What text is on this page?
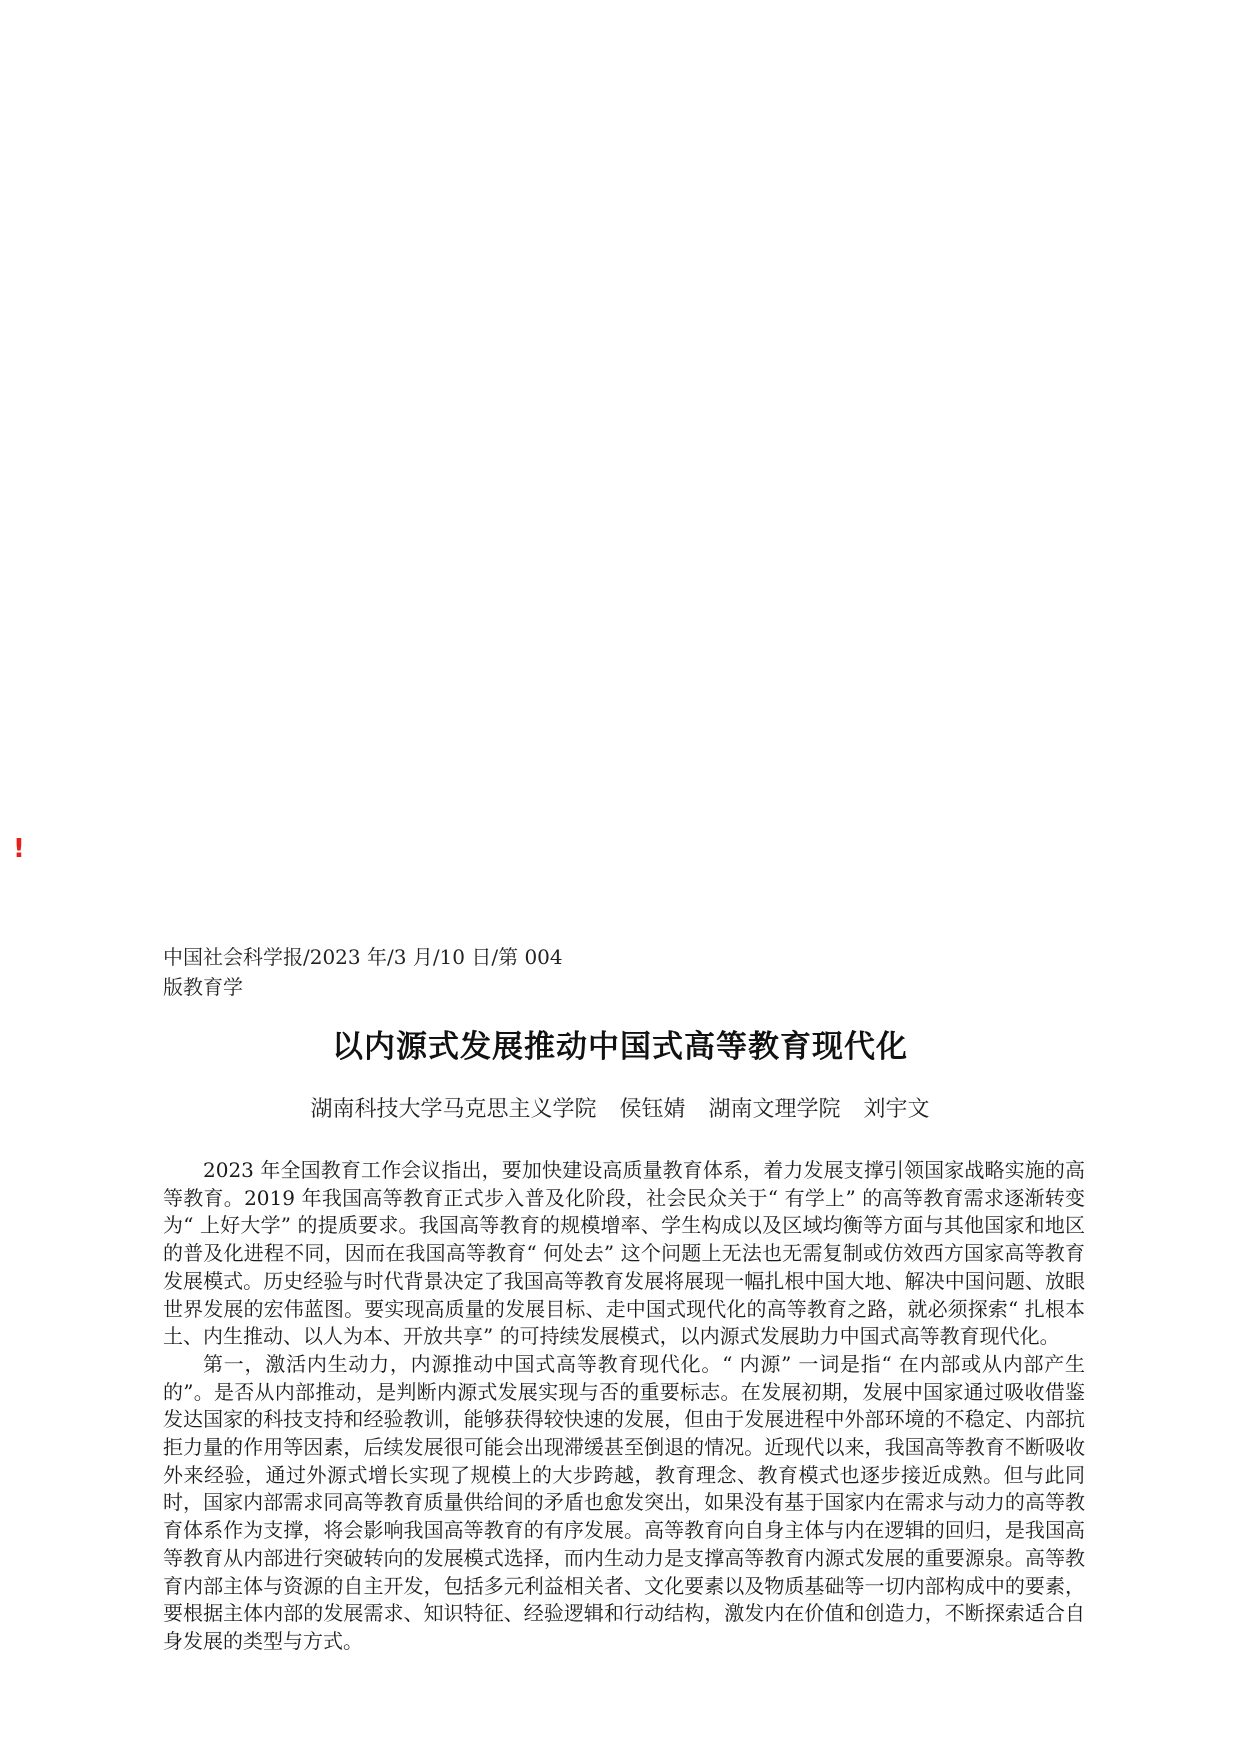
!
中国社会科学报/2023 年/3 月/10 日/第 004
版教育学
以内源式发展推动中国式高等教育现代化
湖南科技大学马克思主义学院 侯钰婧 湖南文理学院 刘宇文

2023 年全国教育工作会议指出，要加快建设高质量教育体系，着力发展支撑引领国家战略实施的高等教育。2019 年我国高等教育正式步入普及化阶段，社会民众关于“ 有学上” 的高等教育需求逐渐转变为“ 上好大学” 的提质要求。我国高等教育的规模增率、学生构成以及区域均衡等方面与其他国家和地区的普及化进程不同，因而在我国高等教育“ 何处去” 这个问题上无法也无需复制或仿效西方国家高等教育发展模式。历史经验与时代背景决定了我国高等教育发展将展现一幅扎根中国大地、解决中国问题、放眼世界发展的宏伟蓝图。要实现高质量的发展目标、走中国式现代化的高等教育之路，就必须探索“ 扎根本土、内生推动、以人为本、开放共享” 的可持续发展模式，以内源式发展助力中国式高等教育现代化。

第一，激活内生动力，内源推动中国式高等教育现代化。“ 内源” 一词是指“ 在内部或从内部产生的”。是否从内部推动，是判断内源式发展实现与否的重要标志。在发展初期，发展中国家通过吸收借鉴发达国家的科技支持和经验教训，能够获得较快速的发展，但由于发展进程中外部环境的不稳定、内部抗拒力量的作用等因素，后续发展很可能会出现滞缓甚至倒退的情况。近现代以来，我国高等教育不断吸收外来经验，通过外源式增长实现了规模上的大步跨越，教育理念、教育模式也逐步接近成熟。但与此同时，国家内部需求同高等教育质量供给间的矛盾也愈发突出，如果没有基于国家内在需求与动力的高等教育体系作为支撑，将会影响我国高等教育的有序发展。高等教育向自身主体与内在逻辑的回归，是我国高等教育从内部进行突破转向的发展模式选择，而内生动力是支撑高等教育内源式发展的重要源泉。高等教育内部主体与资源的自主开发，包括多元利益相关者、文化要素以及物质基础等一切内部构成中的要素，要根据主体内部的发展需求、知识特征、经验逻辑和行动结构，激发内在价值和创造力，不断探索适合自身发展的类型与方式。
